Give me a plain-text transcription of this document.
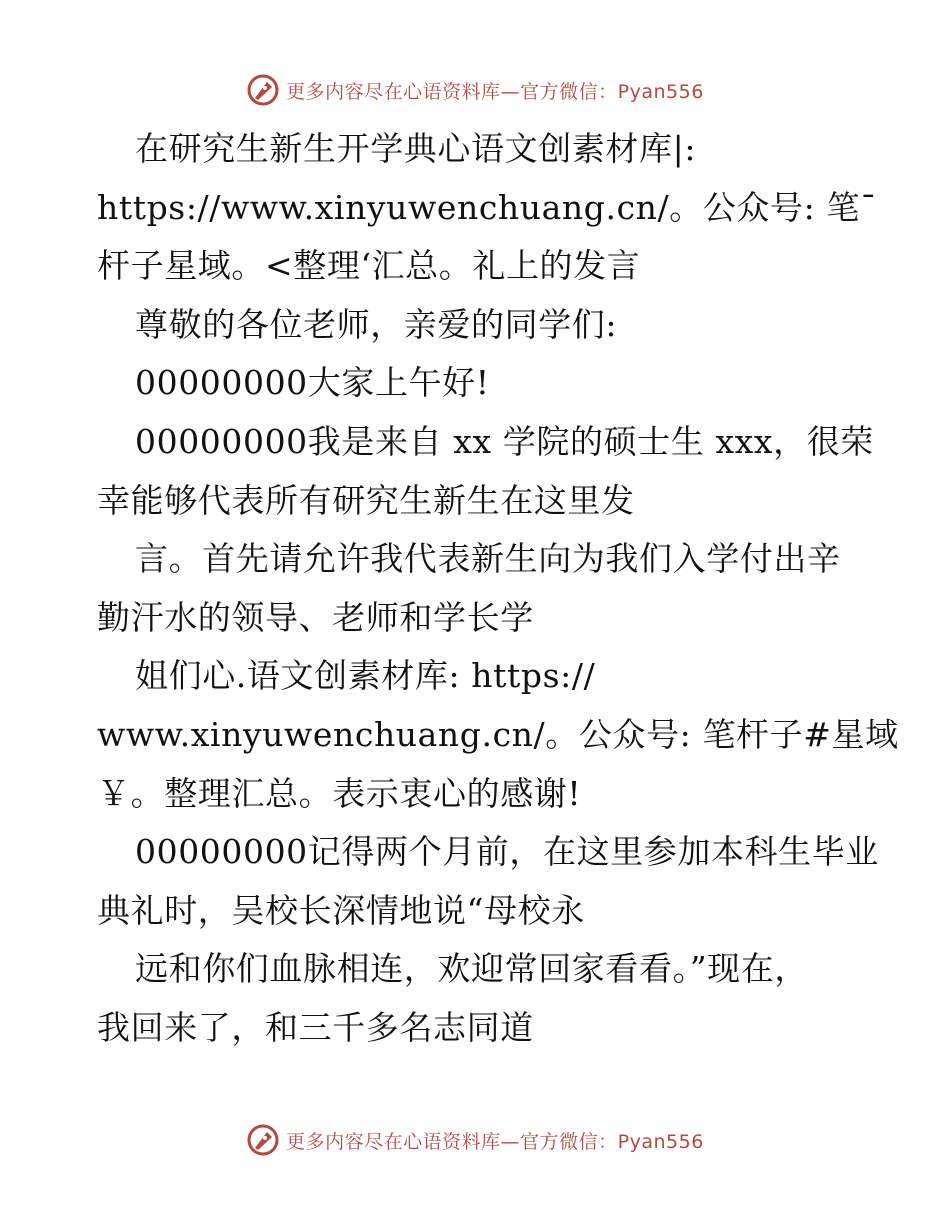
更多内容尽在心语资料库—官方微信：Pyan556
在研究生新生开学典心语文创素材库|:
https://www.xinyuwenchuang.cn/。公众号: 笔¯
杆子星域。<整理‘汇总。礼上的发言
尊敬的各位老师，亲爱的同学们:
00000000大家上午好!
00000000我是来自 xx 学院的硕士生 xxx，很荣
幸能够代表所有研究生新生在这里发
言。首先请允许我代表新生向为我们入学付出辛
勤汗水的领导、老师和学长学
姐们心.语文创素材库: https://
www.xinyuwenchuang.cn/。公众号: 笔杆子#星域
￥。整理汇总。表示衷心的感谢!
00000000记得两个月前，在这里参加本科生毕业
典礼时，吴校长深情地说“母校永
远和你们血脉相连，欢迎常回家看看。”现在，
我回来了，和三千多名志同道
更多内容尽在心语资料库—官方微信：Pyan556
